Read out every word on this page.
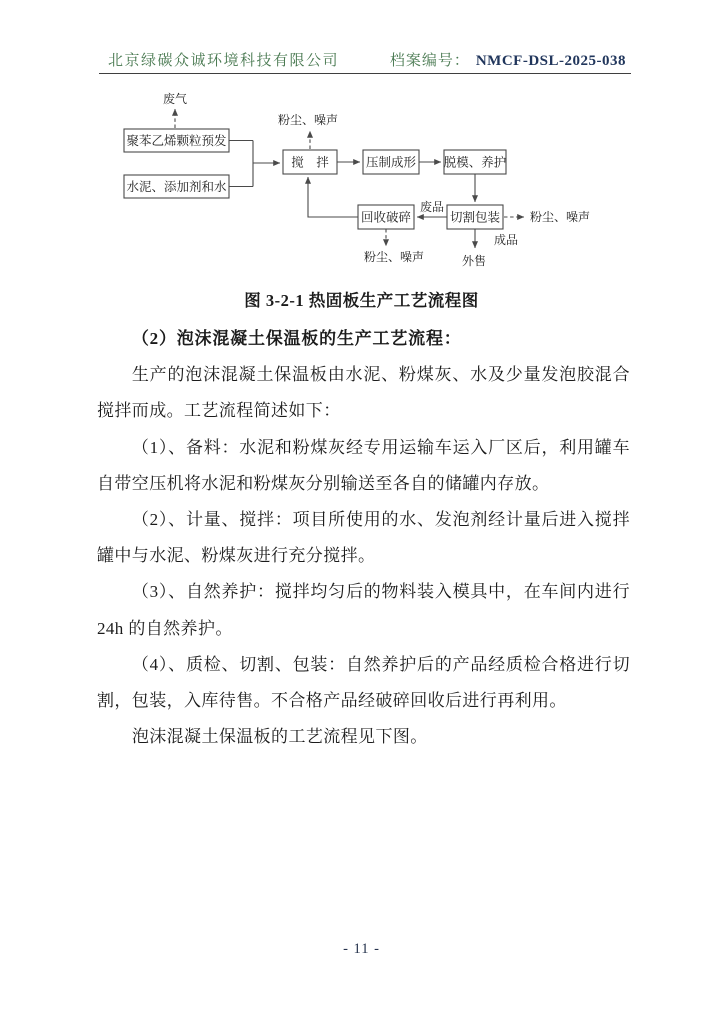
北京绿碳众诚环境科技有限公司	档案编号： NMCF-DSL-2025-038
聚苯乙烯颗粒预发
水泥、添加剂和水
搅　拌	压制成形 脱模、养护
切割包装
回收破碎
废气
粉尘、噪声
粉尘、噪声
粉尘、噪声
废品
成品
外售
图 3-2-1 热固板生产工艺流程图

（2）泡沫混凝土保温板的生产工艺流程：

生产的泡沫混凝土保温板由水泥、粉煤灰、水及少量发泡胶混合搅拌而成。工艺流程简述如下：

（1）、备料：水泥和粉煤灰经专用运输车运入厂区后，利用罐车自带空压机将水泥和粉煤灰分别输送至各自的储罐内存放。

（2）、计量、搅拌：项目所使用的水、发泡剂经计量后进入搅拌罐中与水泥、粉煤灰进行充分搅拌。

（3）、自然养护：搅拌均匀后的物料装入模具中，在车间内进行 24h 的自然养护。

（4）、质检、切割、包装：自然养护后的产品经质检合格进行切割，包装，入库待售。不合格产品经破碎回收后进行再利用。

泡沫混凝土保温板的工艺流程见下图。

- 11 -
